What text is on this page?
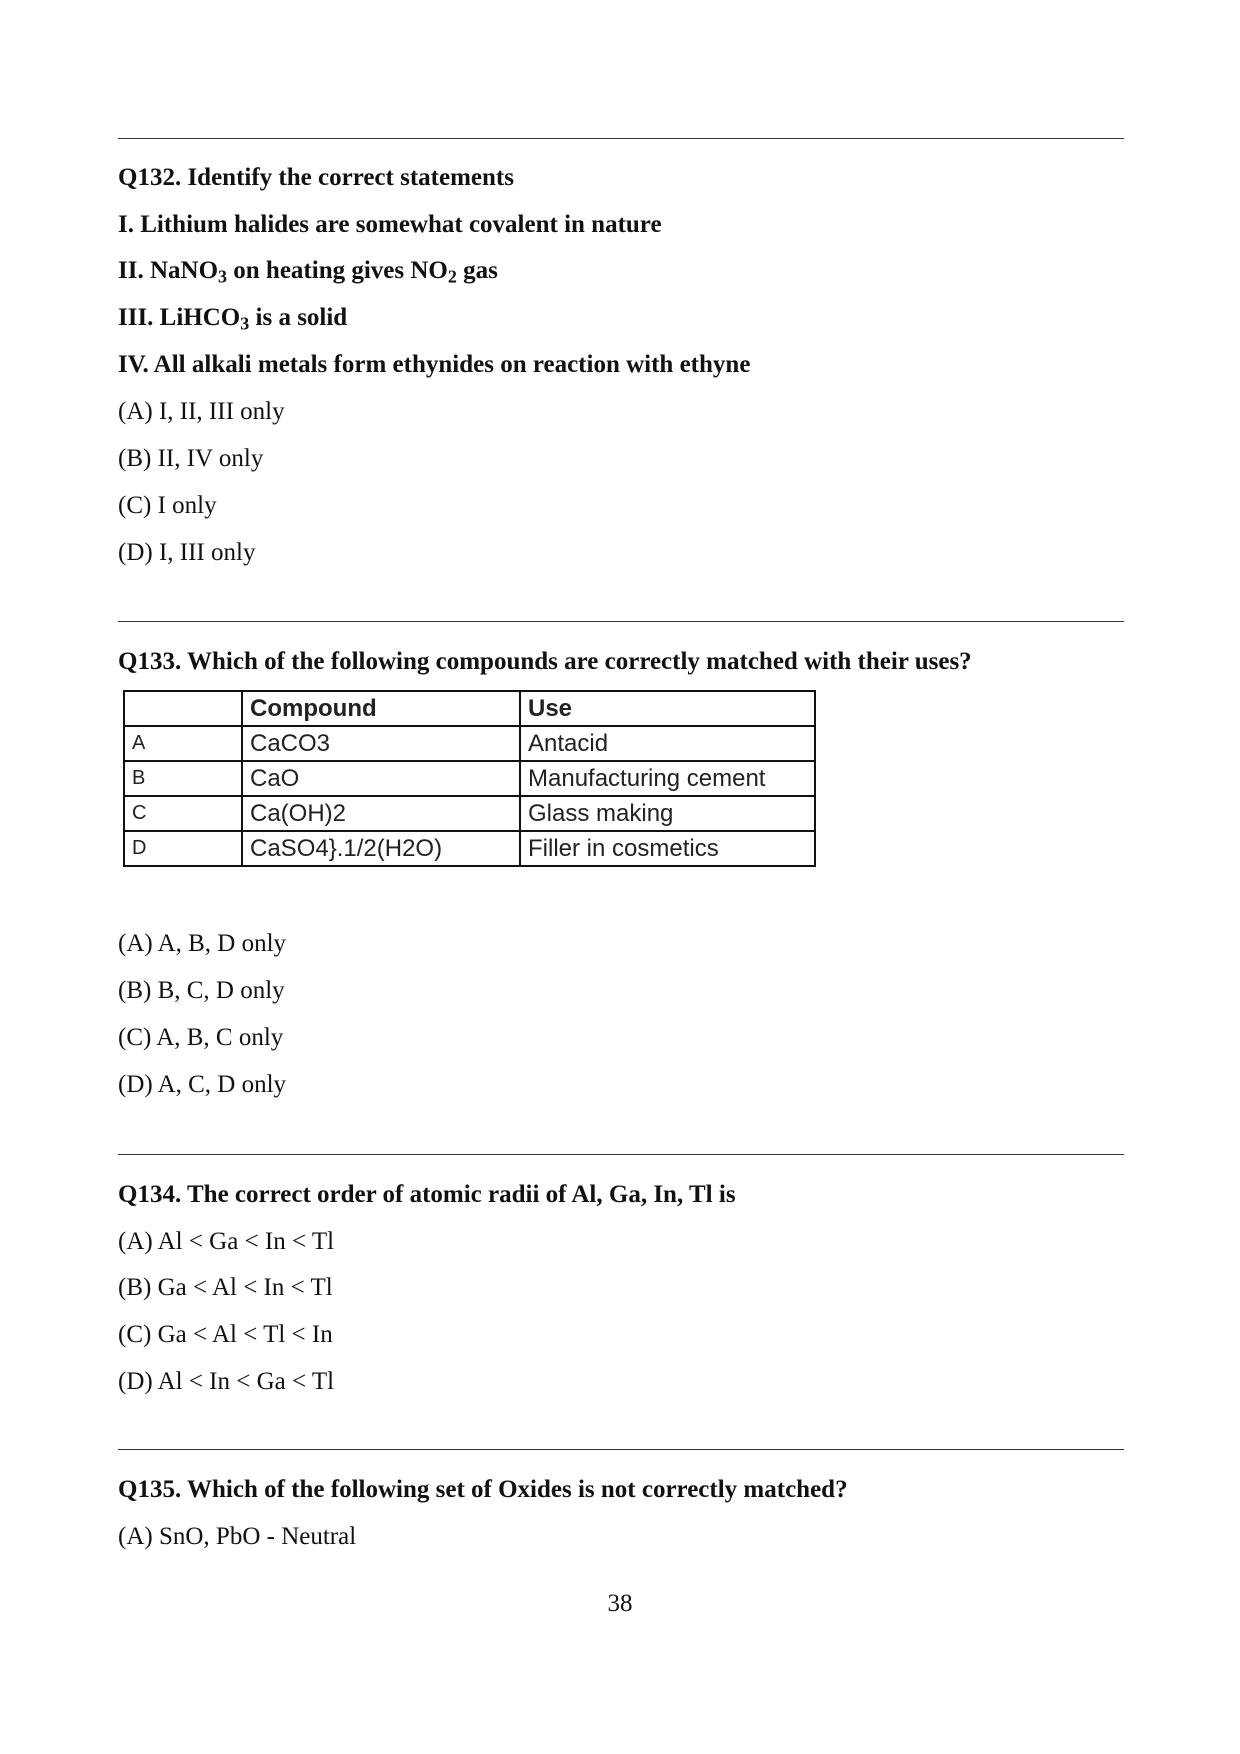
Q132. Identify the correct statements
I. Lithium halides are somewhat covalent in nature
II. NaNO$_3$ on heating gives $NO_2$ gas
III. LiHCO$_3$ is a solid
IV. All alkali metals form ethynides on reaction with ethyne
(A) I, II, III only
(B) II, IV only
(C) I only
(D) I, III only
Q133. Which of the following compounds are correctly matched with their uses?
	Compound	Use
A	CaCO3	Antacid
B	CaO	Manufacturing cement
C	Ca(OH)2	Glass making
D	CaSO4}.1/2(H2O)	Filler in cosmetics
(A) A, B, D only
(B) B, C, D only
(C) A, B, C only
(D) A, C, D only
Q134. The correct order of atomic radii of Al, Ga, In, Tl is
(A) Al < Ga < In < Tl
(B) Ga < Al < In < Tl
(C) Ga < Al < Tl < In
(D) Al < In < Ga < Tl
Q135. Which of the following set of Oxides is not correctly matched?
(A) SnO, PbO - Neutral
38
